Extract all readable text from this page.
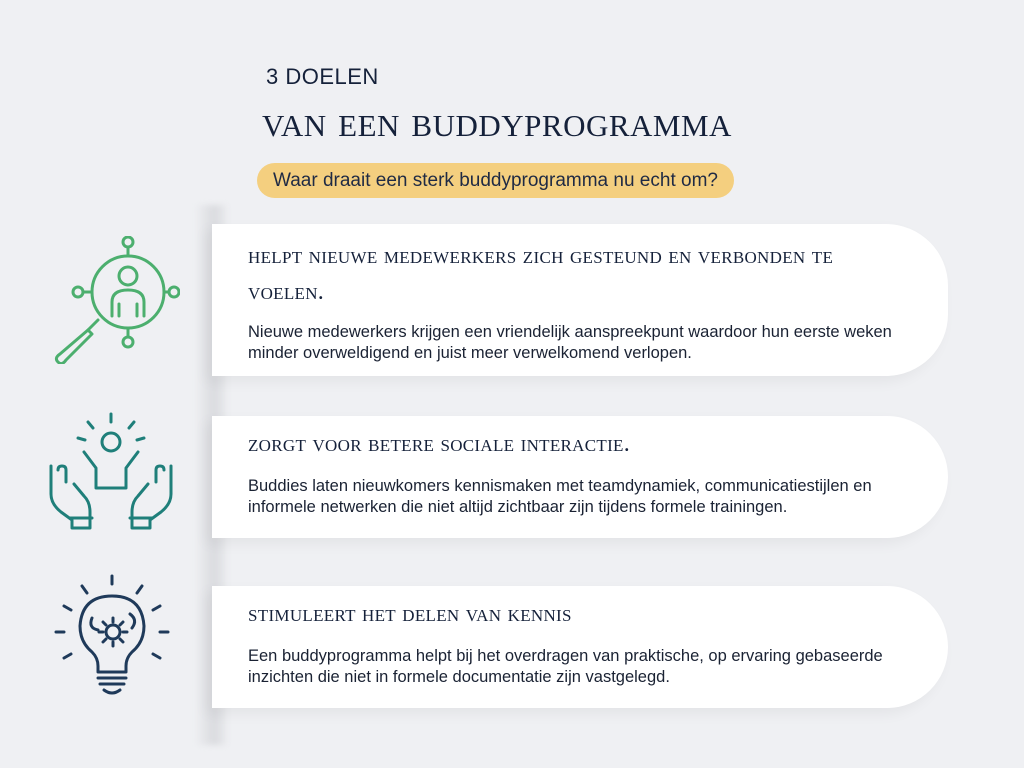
3 DOELEN
van een buddyprogramma
Waar draait een sterk buddyprogramma nu echt om?
helpt nieuwe medewerkers zich gesteund en verbonden te voelen.
Nieuwe medewerkers krijgen een vriendelijk aanspreekpunt waardoor hun eerste weken minder overweldigend en juist meer verwelkomend verlopen.
zorgt voor betere sociale interactie.
Buddies laten nieuwkomers kennismaken met teamdynamiek, communicatiestijlen en informele netwerken die niet altijd zichtbaar zijn tijdens formele trainingen.
stimuleert het delen van kennis
Een buddyprogramma helpt bij het overdragen van praktische, op ervaring gebaseerde inzichten die niet in formele documentatie zijn vastgelegd.
